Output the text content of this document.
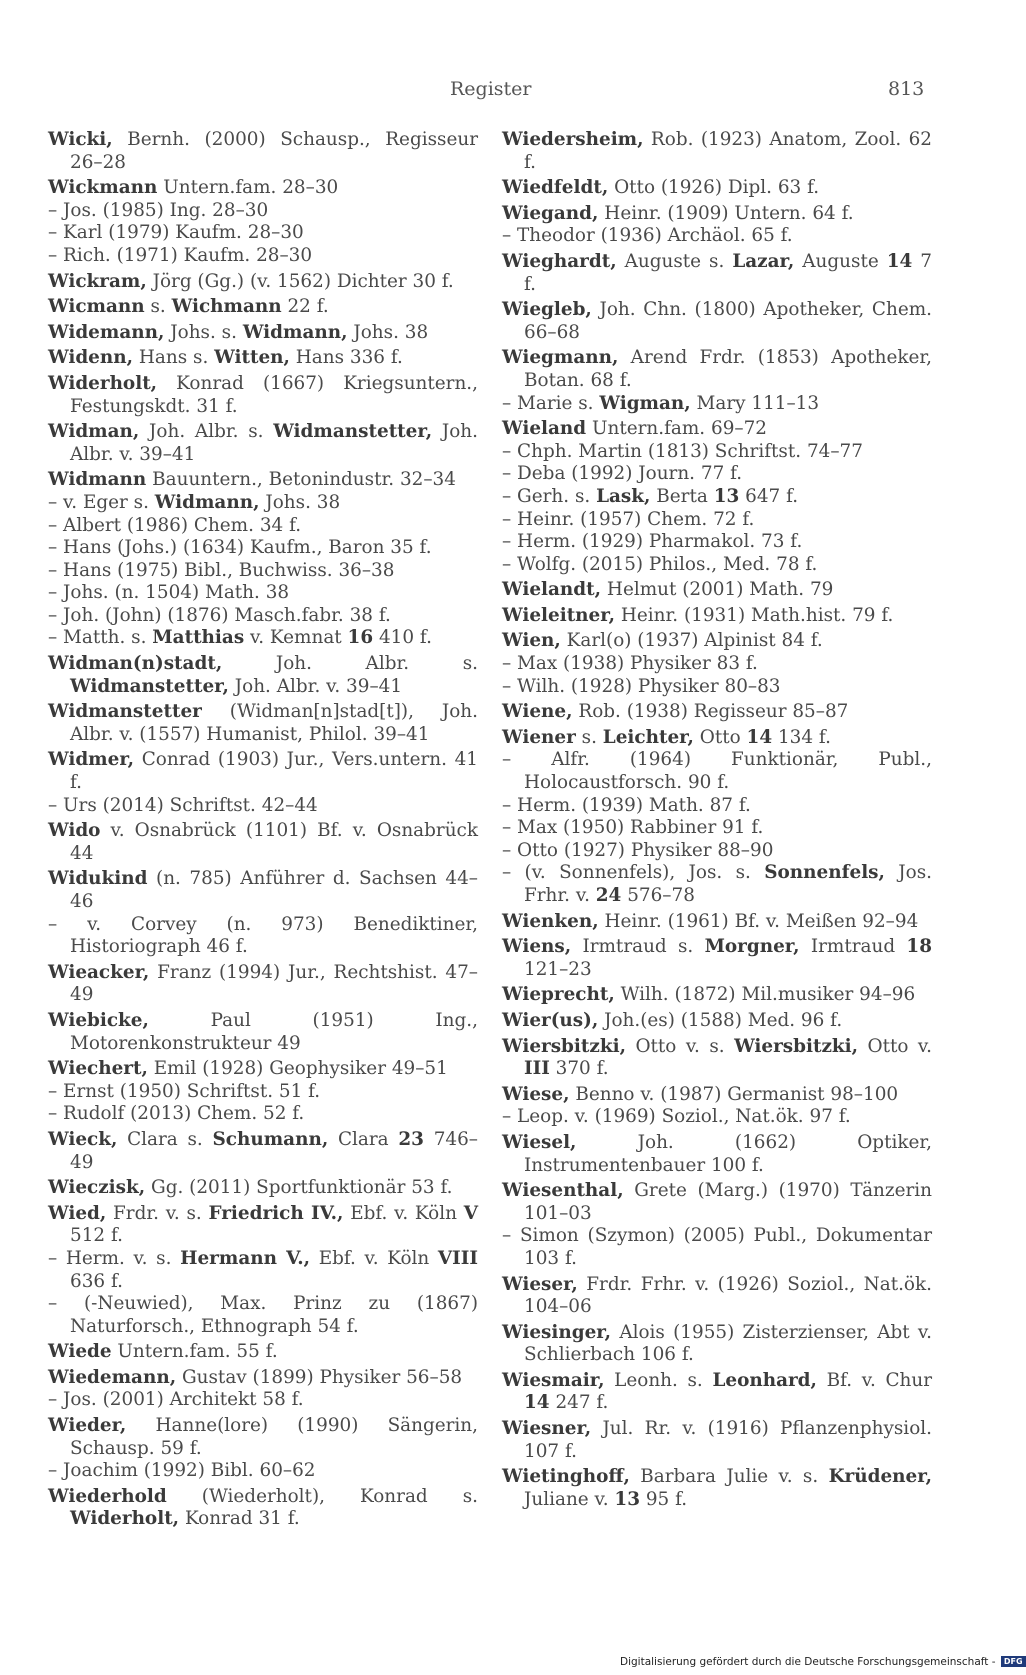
Register	813

Wicki, Bernh. (2000) Schausp., Regisseur 26–28

Wickmann Untern.fam. 28–30

– Jos. (1985) Ing. 28–30

– Karl (1979) Kaufm. 28–30

– Rich. (1971) Kaufm. 28–30

Wickram, Jörg (Gg.) (v. 1562) Dichter 30 f.

Wicmann s. Wichmann 22 f.

Widemann, Johs. s. Widmann, Johs. 38

Widenn, Hans s. Witten, Hans 336 f.

Widerholt, Konrad (1667) Kriegsuntern., Festungskdt. 31 f.

Widman, Joh. Albr. s. Widmanstetter, Joh. Albr. v. 39–41

Widmann Bauuntern., Betonindustr. 32–34

– v. Eger s. Widmann, Johs. 38

– Albert (1986) Chem. 34 f.

– Hans (Johs.) (1634) Kaufm., Baron 35 f.

– Hans (1975) Bibl., Buchwiss. 36–38

– Johs. (n. 1504) Math. 38

– Joh. (John) (1876) Masch.fabr. 38 f.

– Matth. s. Matthias v. Kemnat 16 410 f.

Widman(n)stadt, Joh. Albr. s. Widmanstetter, Joh. Albr. v. 39–41

Widmanstetter (Widman[n]stad[t]), Joh. Albr. v. (1557) Humanist, Philol. 39–41

Widmer, Conrad (1903) Jur., Vers.untern. 41 f.

– Urs (2014) Schriftst. 42–44

Wido v. Osnabrück (1101) Bf. v. Osnabrück 44

Widukind (n. 785) Anführer d. Sachsen 44–46

– v. Corvey (n. 973) Benediktiner, Historiograph 46 f.

Wieacker, Franz (1994) Jur., Rechtshist. 47–49

Wiebicke, Paul (1951) Ing., Motorenkonstrukteur 49

Wiechert, Emil (1928) Geophysiker 49–51

– Ernst (1950) Schriftst. 51 f.

– Rudolf (2013) Chem. 52 f.

Wieck, Clara s. Schumann, Clara 23 746–49

Wieczisk, Gg. (2011) Sportfunktionär 53 f.

Wied, Frdr. v. s. Friedrich IV., Ebf. v. Köln V 512 f.

– Herm. v. s. Hermann V., Ebf. v. Köln VIII 636 f.

– (-Neuwied), Max. Prinz zu (1867) Naturforsch., Ethnograph 54 f.

Wiede Untern.fam. 55 f.

Wiedemann, Gustav (1899) Physiker 56–58

– Jos. (2001) Architekt 58 f.

Wieder, Hanne(lore) (1990) Sängerin, Schausp. 59 f.

– Joachim (1992) Bibl. 60–62

Wiederhold (Wiederholt), Konrad s. Widerholt, Konrad 31 f.

Wiedersheim, Rob. (1923) Anatom, Zool. 62 f.

Wiedfeldt, Otto (1926) Dipl. 63 f.

Wiegand, Heinr. (1909) Untern. 64 f.

– Theodor (1936) Archäol. 65 f.

Wieghardt, Auguste s. Lazar, Auguste 14 7 f.

Wiegleb, Joh. Chn. (1800) Apotheker, Chem. 66–68

Wiegmann, Arend Frdr. (1853) Apotheker, Botan. 68 f.

– Marie s. Wigman, Mary 111–13

Wieland Untern.fam. 69–72

– Chph. Martin (1813) Schriftst. 74–77

– Deba (1992) Journ. 77 f.

– Gerh. s. Lask, Berta 13 647 f.

– Heinr. (1957) Chem. 72 f.

– Herm. (1929) Pharmakol. 73 f.

– Wolfg. (2015) Philos., Med. 78 f.

Wielandt, Helmut (2001) Math. 79

Wieleitner, Heinr. (1931) Math.hist. 79 f.

Wien, Karl(o) (1937) Alpinist 84 f.

– Max (1938) Physiker 83 f.

– Wilh. (1928) Physiker 80–83

Wiene, Rob. (1938) Regisseur 85–87

Wiener s. Leichter, Otto 14 134 f.

– Alfr. (1964) Funktionär, Publ., Holocaustforsch. 90 f.

– Herm. (1939) Math. 87 f.

– Max (1950) Rabbiner 91 f.

– Otto (1927) Physiker 88–90

– (v. Sonnenfels), Jos. s. Sonnenfels, Jos. Frhr. v. 24 576–78

Wienken, Heinr. (1961) Bf. v. Meißen 92–94

Wiens, Irmtraud s. Morgner, Irmtraud 18 121–23

Wieprecht, Wilh. (1872) Mil.musiker 94–96

Wier(us), Joh.(es) (1588) Med. 96 f.

Wiersbitzki, Otto v. s. Wiersbitzki, Otto v. III 370 f.

Wiese, Benno v. (1987) Germanist 98–100

– Leop. v. (1969) Soziol., Nat.ök. 97 f.

Wiesel, Joh. (1662) Optiker, Instrumentenbauer 100 f.

Wiesenthal, Grete (Marg.) (1970) Tänzerin 101–03

– Simon (Szymon) (2005) Publ., Dokumentar 103 f.

Wieser, Frdr. Frhr. v. (1926) Soziol., Nat.ök. 104–06

Wiesinger, Alois (1955) Zisterzienser, Abt v. Schlierbach 106 f.

Wiesmair, Leonh. s. Leonhard, Bf. v. Chur 14 247 f.

Wiesner, Jul. Rr. v. (1916) Pflanzenphysiol. 107 f.

Wietinghoff, Barbara Julie v. s. Krüdener, Juliane v. 13 95 f.

Digitalisierung gefördert durch die Deutsche Forschungsgemeinschaft - DFG
